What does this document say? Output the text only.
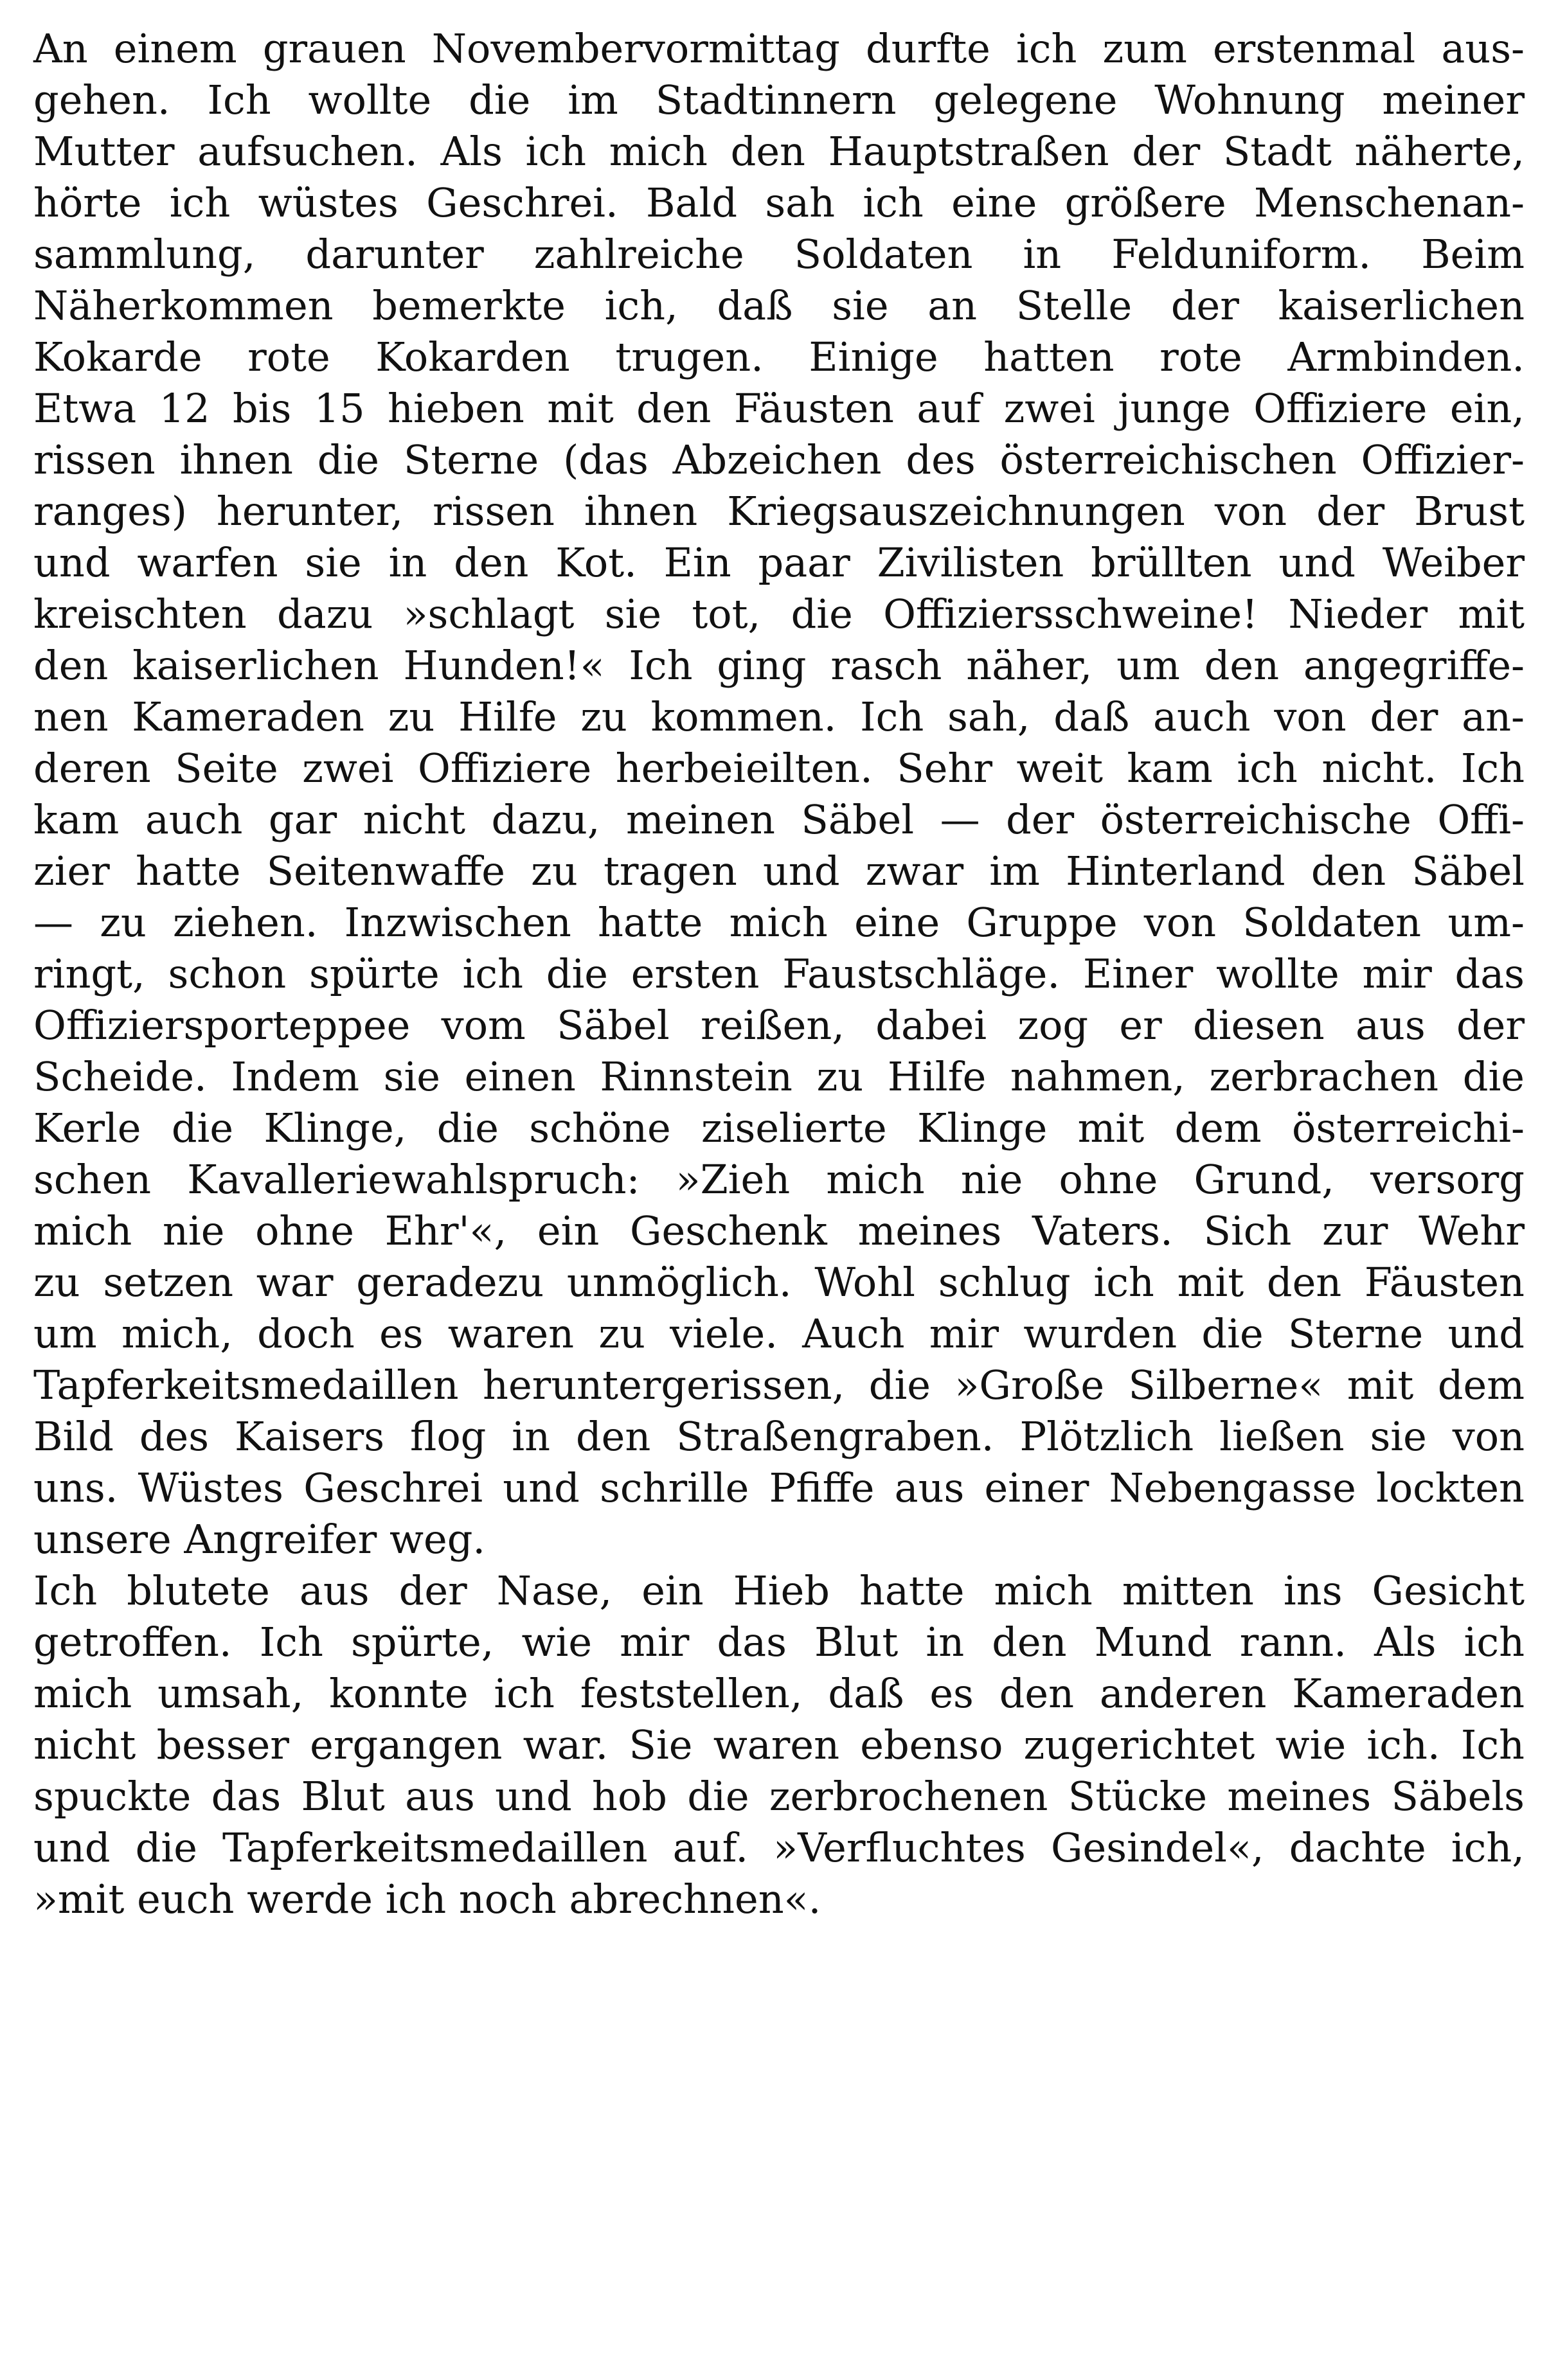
An einem grauen Novembervormittag durfte ich zum erstenmal aus-
gehen. Ich wollte die im Stadtinnern gelegene Wohnung meiner
Mutter aufsuchen. Als ich mich den Hauptstraßen der Stadt näherte,
hörte ich wüstes Geschrei. Bald sah ich eine größere Menschenan-
sammlung, darunter zahlreiche Soldaten in Felduniform. Beim
Näherkommen bemerkte ich, daß sie an Stelle der kaiserlichen
Kokarde rote Kokarden trugen. Einige hatten rote Armbinden.
Etwa 12 bis 15 hieben mit den Fäusten auf zwei junge Offiziere ein,
rissen ihnen die Sterne (das Abzeichen des österreichischen Offizier-
ranges) herunter, rissen ihnen Kriegsauszeichnungen von der Brust
und warfen sie in den Kot. Ein paar Zivilisten brüllten und Weiber
kreischten dazu »schlagt sie tot, die Offiziersschweine! Nieder mit
den kaiserlichen Hunden!« Ich ging rasch näher, um den angegriffe-
nen Kameraden zu Hilfe zu kommen. Ich sah, daß auch von der an-
deren Seite zwei Offiziere herbeieilten. Sehr weit kam ich nicht. Ich
kam auch gar nicht dazu, meinen Säbel — der österreichische Offi-
zier hatte Seitenwaffe zu tragen und zwar im Hinterland den Säbel
— zu ziehen. Inzwischen hatte mich eine Gruppe von Soldaten um-
ringt, schon spürte ich die ersten Faustschläge. Einer wollte mir das
Offiziersporteppee vom Säbel reißen, dabei zog er diesen aus der
Scheide. Indem sie einen Rinnstein zu Hilfe nahmen, zerbrachen die
Kerle die Klinge, die schöne ziselierte Klinge mit dem österreichi-
schen Kavalleriewahlspruch: »Zieh mich nie ohne Grund, versorg
mich nie ohne Ehr'«, ein Geschenk meines Vaters. Sich zur Wehr
zu setzen war geradezu unmöglich. Wohl schlug ich mit den Fäusten
um mich, doch es waren zu viele. Auch mir wurden die Sterne und
Tapferkeitsmedaillen heruntergerissen, die »Große Silberne« mit dem
Bild des Kaisers flog in den Straßengraben. Plötzlich ließen sie von
uns. Wüstes Geschrei und schrille Pfiffe aus einer Nebengasse lockten
unsere Angreifer weg.
Ich blutete aus der Nase, ein Hieb hatte mich mitten ins Gesicht
getroffen. Ich spürte, wie mir das Blut in den Mund rann. Als ich
mich umsah, konnte ich feststellen, daß es den anderen Kameraden
nicht besser ergangen war. Sie waren ebenso zugerichtet wie ich. Ich
spuckte das Blut aus und hob die zerbrochenen Stücke meines Säbels
und die Tapferkeitsmedaillen auf. »Verfluchtes Gesindel«, dachte ich,
»mit euch werde ich noch abrechnen«.
